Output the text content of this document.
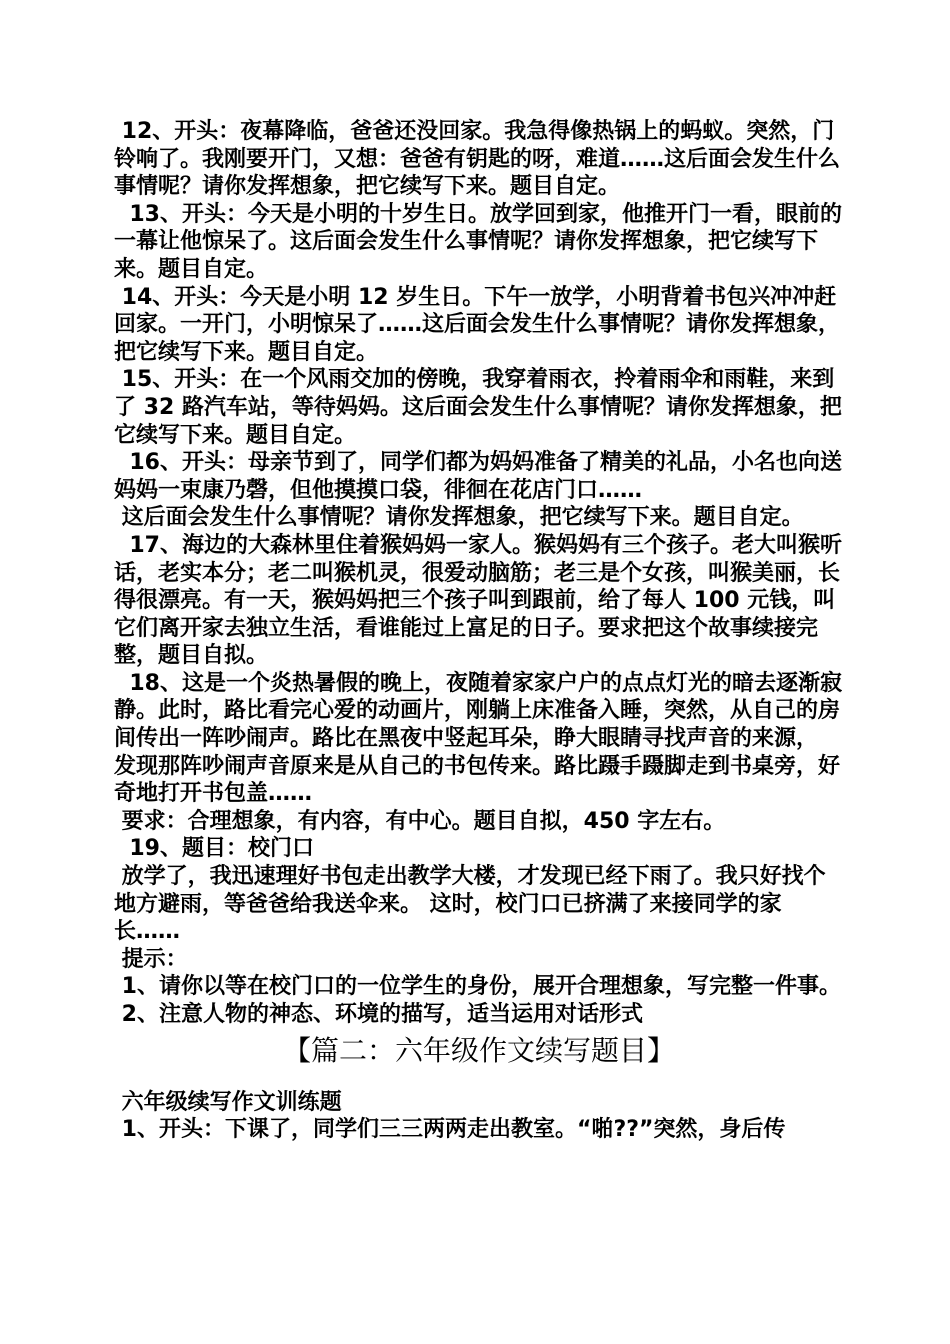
12、开头：夜幕降临，爸爸还没回家。我急得像热锅上的蚂蚁。突然，门铃响了。我刚要开门，又想：爸爸有钥匙的呀，难道……这后面会发生什么事情呢？请你发挥想象，把它续写下来。题目自定。

13、开头：今天是小明的十岁生日。放学回到家，他推开门一看，眼前的一幕让他惊呆了。这后面会发生什么事情呢？请你发挥想象，把它续写下来。题目自定。

14、开头：今天是小明 12 岁生日。下午一放学，小明背着书包兴冲冲赶回家。一开门，小明惊呆了……这后面会发生什么事情呢？请你发挥想象，把它续写下来。题目自定。

15、开头：在一个风雨交加的傍晚，我穿着雨衣，拎着雨伞和雨鞋，来到了 32 路汽车站，等待妈妈。这后面会发生什么事情呢？请你发挥想象，把它续写下来。题目自定。

16、开头：母亲节到了，同学们都为妈妈准备了精美的礼品，小名也向送妈妈一束康乃磬，但他摸摸口袋，徘徊在花店门口……

这后面会发生什么事情呢？请你发挥想象，把它续写下来。题目自定。

17、海边的大森林里住着猴妈妈一家人。猴妈妈有三个孩子。老大叫猴听话，老实本分；老二叫猴机灵，很爱动脑筋；老三是个女孩，叫猴美丽，长得很漂亮。有一天，猴妈妈把三个孩子叫到跟前，给了每人 100 元钱，叫它们离开家去独立生活，看谁能过上富足的日子。要求把这个故事续接完整，题目自拟。

18、这是一个炎热暑假的晚上，夜随着家家户户的点点灯光的暗去逐渐寂静。此时，路比看完心爱的动画片，刚躺上床准备入睡，突然，从自己的房间传出一阵吵闹声。路比在黑夜中竖起耳朵，睁大眼睛寻找声音的来源，

发现那阵吵闹声音原来是从自己的书包传来。路比蹑手蹑脚走到书桌旁，好奇地打开书包盖……

要求：合理想象，有内容，有中心。题目自拟，450 字左右。

19、题目：校门口

放学了，我迅速理好书包走出教学大楼，才发现已经下雨了。我只好找个地方避雨，等爸爸给我送伞来。 这时，校门口已挤满了来接同学的家长……

提示：

1、请你以等在校门口的一位学生的身份，展开合理想象，写完整一件事。

2、注意人物的神态、环境的描写，适当运用对话形式

【篇二：六年级作文续写题目】

六年级续写作文训练题

1、开头：下课了，同学们三三两两走出教室。“啪??”突然，身后传
